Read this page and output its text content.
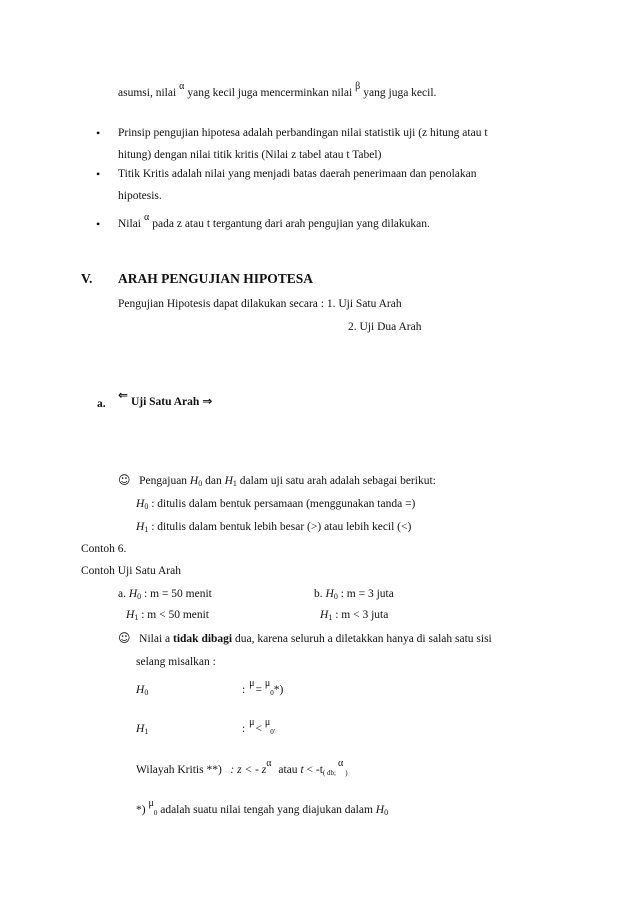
asumsi, nilaiαyang kecil juga mencerminkan nilaiβyang juga kecil.
• Prinsip pengujian hipotesa adalah perbandingan nilai statistik uji (z hitung atau t
hitung) dengan nilai titik kritis (Nilai z tabel atau t Tabel)
• Titik Kritis adalah nilai yang menjadi batas daerah penerimaan dan penolakan
hipotesis.
• Nilaiαpada z atau t tergantung dari arah pengujian yang dilakukan.
V. ARAH PENGUJIAN HIPOTESA
Pengujian Hipotesis dapat dilakukan secara : 1. Uji Satu Arah
2. Uji Dua Arah
a.
⇐ Uji Satu Arah ⇒
☺ Pengajuan H0 dan H1 dalam uji satu arah adalah sebagai berikut:
H0 : ditulis dalam bentuk persamaan (menggunakan tanda =)
H1 : ditulis dalam bentuk lebih besar (>) atau lebih kecil (<)
Contoh 6.
Contoh Uji Satu Arah
a. H0 : m = 50 menit	b. H0 : m = 3 juta
H1 : m < 50 menit	H1 : m < 3 juta
☺ Nilai a tidak dibagi dua, karena seluruh a diletakkan hanya di salah satu sisi
selang misalkan :
H0	: μ= μ0*)
H1	: μ< μ0'
Wilayah Kritis **) : z < - zα atau t < -t( db;α)
*) μ0 adalah suatu nilai tengah yang diajukan dalam H0
